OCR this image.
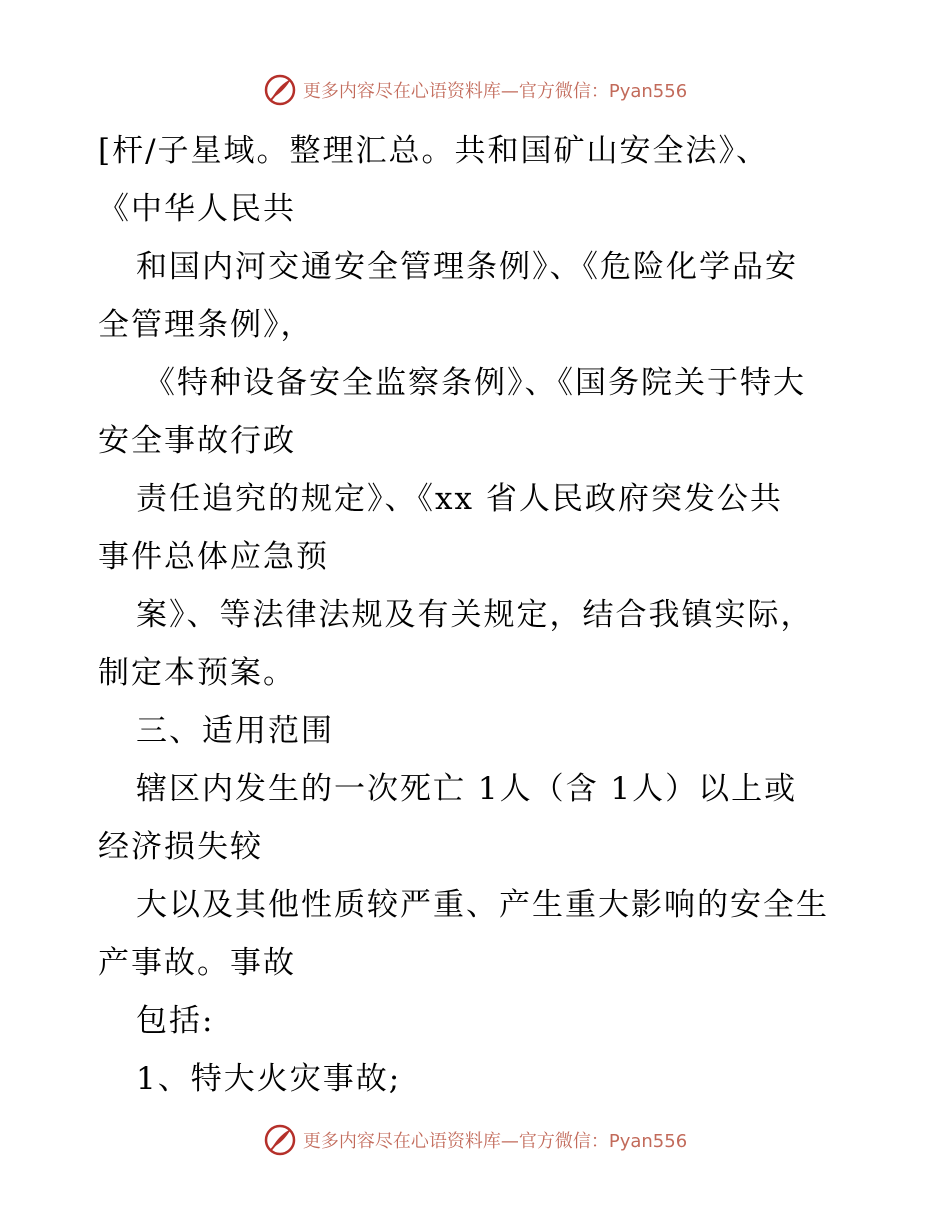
更多内容尽在心语资料库—官方微信：Pyan556
[杆/子星域。整理汇总。共和国矿山安全法》、
《中华人民共
和国内河交通安全管理条例》、《危险化学品安
全管理条例》，
《特种设备安全监察条例》、《国务院关于特大
安全事故行政
责任追究的规定》、《xx 省人民政府突发公共
事件总体应急预
案》、等法律法规及有关规定，结合我镇实际，
制定本预案。
三、适用范围
辖区内发生的一次死亡 1人（含 1人）以上或
经济损失较
大以及其他性质较严重、产生重大影响的安全生
产事故。事故
包括:
1、特大火灾事故;
更多内容尽在心语资料库—官方微信：Pyan556
